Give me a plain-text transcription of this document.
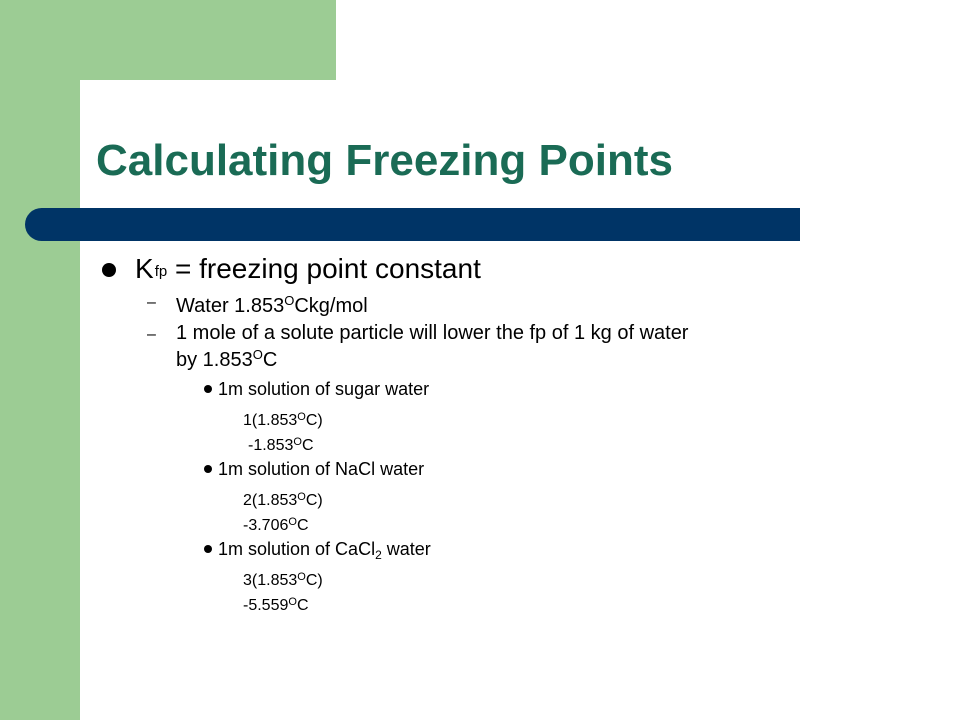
Calculating Freezing Points
Kfp = freezing point constant
– Water $1.853^OCkg$/mol
– 1 mole of a solute particle will lower the fp of 1 kg of water
by $1.853^OC$
1m solution of sugar water
$1(1.853^OC)$
$-1.853^OC$
1m solution of NaCl water
$2(1.853^OC)$
$-3.706^OC$
1m solution of CaCl$_2$ water
$3(1.853^OC)$
$-5.559^OC$
